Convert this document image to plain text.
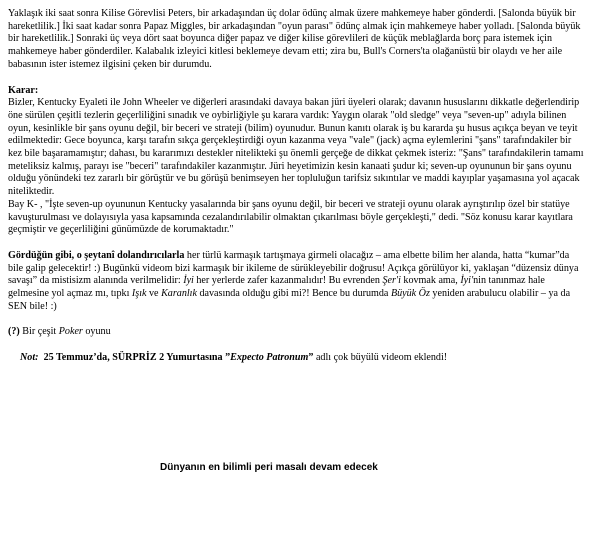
Yaklaşık iki saat sonra Kilise Görevlisi Peters, bir arkadaşından üç dolar ödünç almak üzere mahkemeye haber gönderdi. [Salonda büyük bir hareketlilik.] İki saat kadar sonra Papaz Miggles, bir arkadaşından "oyun parası" ödünç almak için mahkemeye haber yolladı. [Salonda büyük bir hareketlilik.] Sonraki üç veya dört saat boyunca diğer papaz ve diğer kilise görevlileri de küçük meblağlarda borç para istemek için mahkemeye haber gönderdiler. Kalabalık izleyici kitlesi beklemeye devam etti; zira bu, Bull's Corners'ta olağanüstü bir olaydı ve her aile babasının ister istemez ilgisini çeken bir durumdu.

Karar:

Bizler, Kentucky Eyaleti ile John Wheeler ve diğerleri arasındaki davaya bakan jüri üyeleri olarak; davanın hususlarını dikkatle değerlendirip öne sürülen çeşitli tezlerin geçerliliğini sınadık ve oybirliğiyle şu karara vardık: Yaygın olarak "old sledge" veya "seven-up" adıyla bilinen oyun, kesinlikle bir şans oyunu değil, bir beceri ve strateji (bilim) oyunudur. Bunun kanıtı olarak iş bu kararda şu husus açıkça beyan ve teyit edilmektedir: Gece boyunca, karşı tarafın sıkça gerçekleştirdiği oyun kazanma veya "vale" (jack) açma eylemlerini "şans" tarafındakiler bir kez bile başaramamıştır; dahası, bu kararımızı destekler nitelikteki şu önemli gerçeğe de dikkat çekmek isteriz: "Şans" tarafındakilerin tamamı meteliksiz kalmış, parayı ise "beceri" tarafındakiler kazanmıştır. Jüri heyetimizin kesin kanaati şudur ki; seven-up oyununun bir şans oyunu olduğu yönündeki tez zararlı bir görüştür ve bu görüşü benimseyen her topluluğun tarifsiz sıkıntılar ve maddi kayıplar yaşamasına yol açacak niteliktedir.

Bay K- , "İşte seven-up oyununun Kentucky yasalarında bir şans oyunu değil, bir beceri ve strateji oyunu olarak ayrıştırılıp özel bir statüye kavuşturulması ve dolayısıyla yasa kapsamında cezalandırılabilir olmaktan çıkarılması böyle gerçekleşti," dedi. "Söz konusu karar kayıtlara geçmiştir ve geçerliliğini günümüzde de korumaktadır."

Gördüğün gibi, o şeytanî dolandırıcılarla her türlü karmaşık tartışmaya girmeli olacağız – ama elbette bilim her alanda, hatta “kumar”da bile galip gelecektir! :) Bugünkü videom bizi karmaşık bir ikileme de sürükleyebilir doğrusu! Açıkça görülüyor ki, yaklaşan “düzensiz dünya savaşı” da mistisizm alanında verilmelidir: İyi her yerlerde zafer kazanmalıdır! Bu evrenden Şer'i kovmak ama, İyi'nin tanınmaz hale gelmesine yol açmaz mı, tıpkı Işık ve Karanlık davasında olduğu gibi mi?! Bence bu durumda Büyük Öz yeniden arabulucu olabilir – ya da SEN bile! :)

(?) Bir çeşit Poker oyunu

Not: 25 Temmuz’da, SÜRPRİZ 2 Yumurtasına ”Expecto Patronum” adlı çok büyülü videom eklendi!

Dünyanın en bilimli peri masalı devam edecek
